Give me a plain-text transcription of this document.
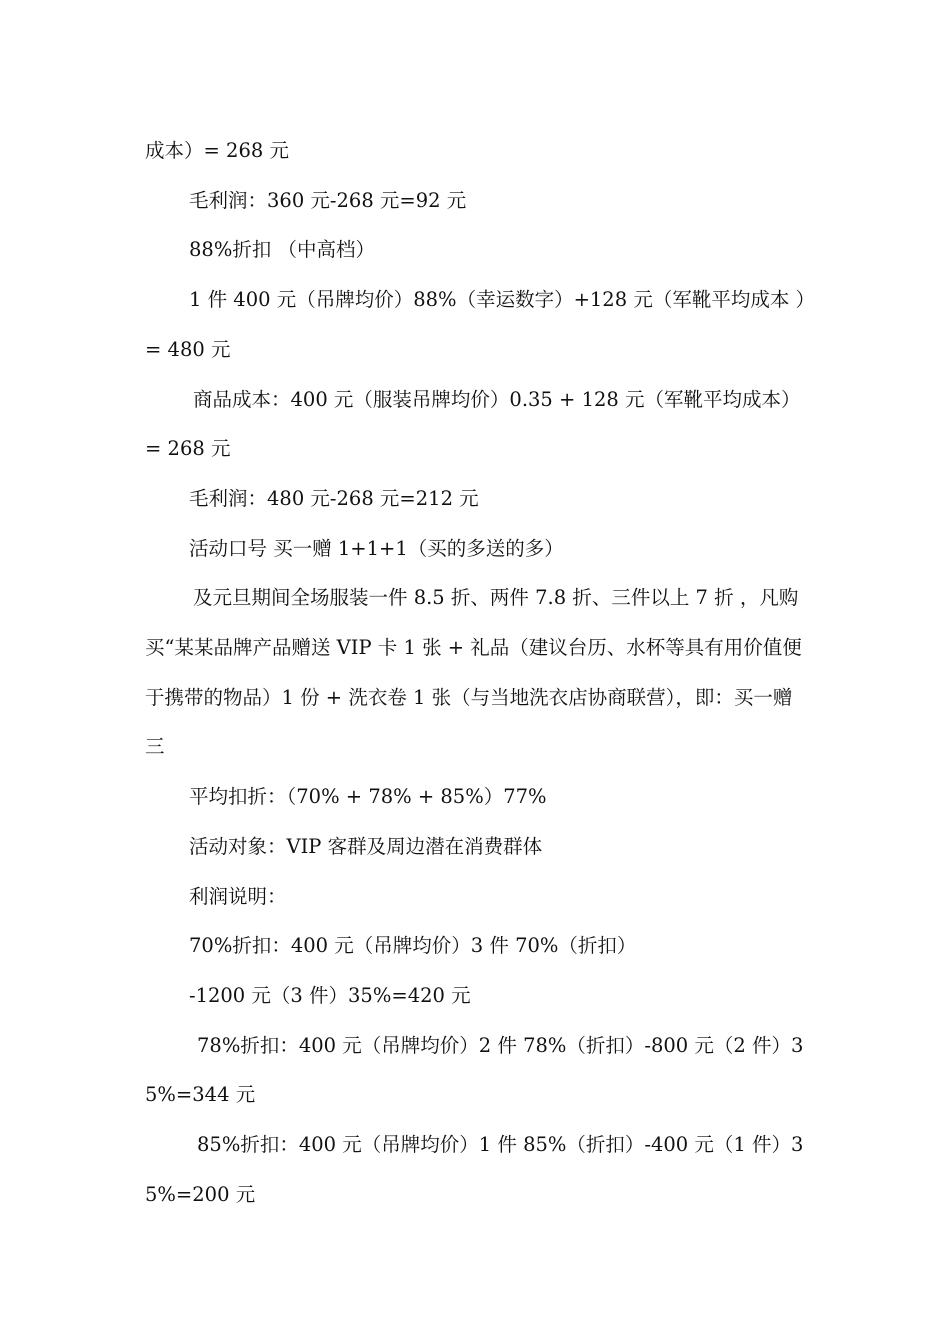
成本）= 268 元

毛利润：360 元-268 元=92 元

88%折扣 （中高档）

1 件 400 元（吊牌均价）88%（幸运数字）+128 元（军靴平均成本 ）= 480 元

商品成本：400 元（服装吊牌均价）0.35 + 128 元（军靴平均成本） = 268 元

毛利润：480 元-268 元=212 元

活动口号 买一赠 1+1+1（买的多送的多）

及元旦期间全场服装一件 8.5 折、两件 7.8 折、三件以上 7 折 ，凡购买“某某品牌产品赠送 VIP 卡 1 张 + 礼品（建议台历、水杯等具有用价值便于携带的物品）1 份 + 洗衣卷 1 张（与当地洗衣店协商联营），即：买一赠三

平均扣折：（70% + 78% + 85%）77%

活动对象：VIP 客群及周边潜在消费群体

利润说明：

70%折扣：400 元（吊牌均价）3 件 70%（折扣）

-1200 元（3 件）35%=420 元

78%折扣：400 元（吊牌均价）2 件 78%（折扣）-800 元（2 件）35%=344 元

85%折扣：400 元（吊牌均价）1 件 85%（折扣）-400 元（1 件）35%=200 元
